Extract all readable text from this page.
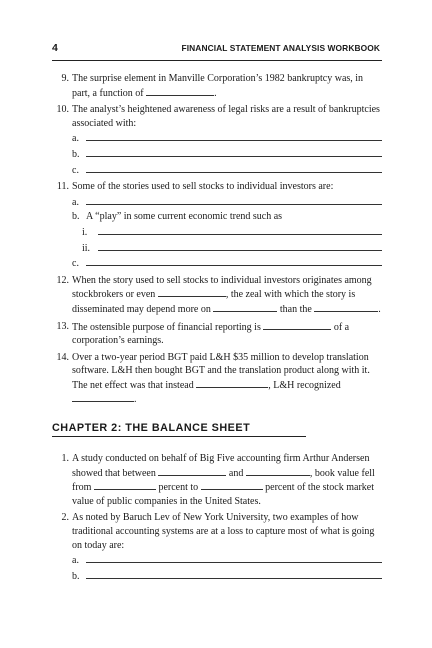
4	FINANCIAL STATEMENT ANALYSIS WORKBOOK
9. The surprise element in Manville Corporation’s 1982 bankruptcy was, in part, a function of	.
10. The analyst’s heightened awareness of legal risks are a result of bankruptcies associated with:
a.
b.
c.
11. Some of the stories used to sell stocks to individual investors are:
a.
b. A “play” in some current economic trend such as
i.
ii.
c.
12. When the story used to sell stocks to individual investors originates among stockbrokers or even	, the zeal with which the story is disseminated may depend more on	than the	.
13. The ostensible purpose of financial reporting is	of a corporation’s earnings.
14. Over a two-year period BGT paid L&H $35 million to develop translation software. L&H then bought BGT and the translation product along with it. The net effect was that instead	, L&H recognized .
CHAPTER 2: THE BALANCE SHEET
1. A study conducted on behalf of Big Five accounting firm Arthur Andersen showed that between	and	, book value fell from	percent to	percent of the stock market value of public companies in the United States.
2. As noted by Baruch Lev of New York University, two examples of how traditional accounting systems are at a loss to capture most of what is going on today are:
a.
b.
